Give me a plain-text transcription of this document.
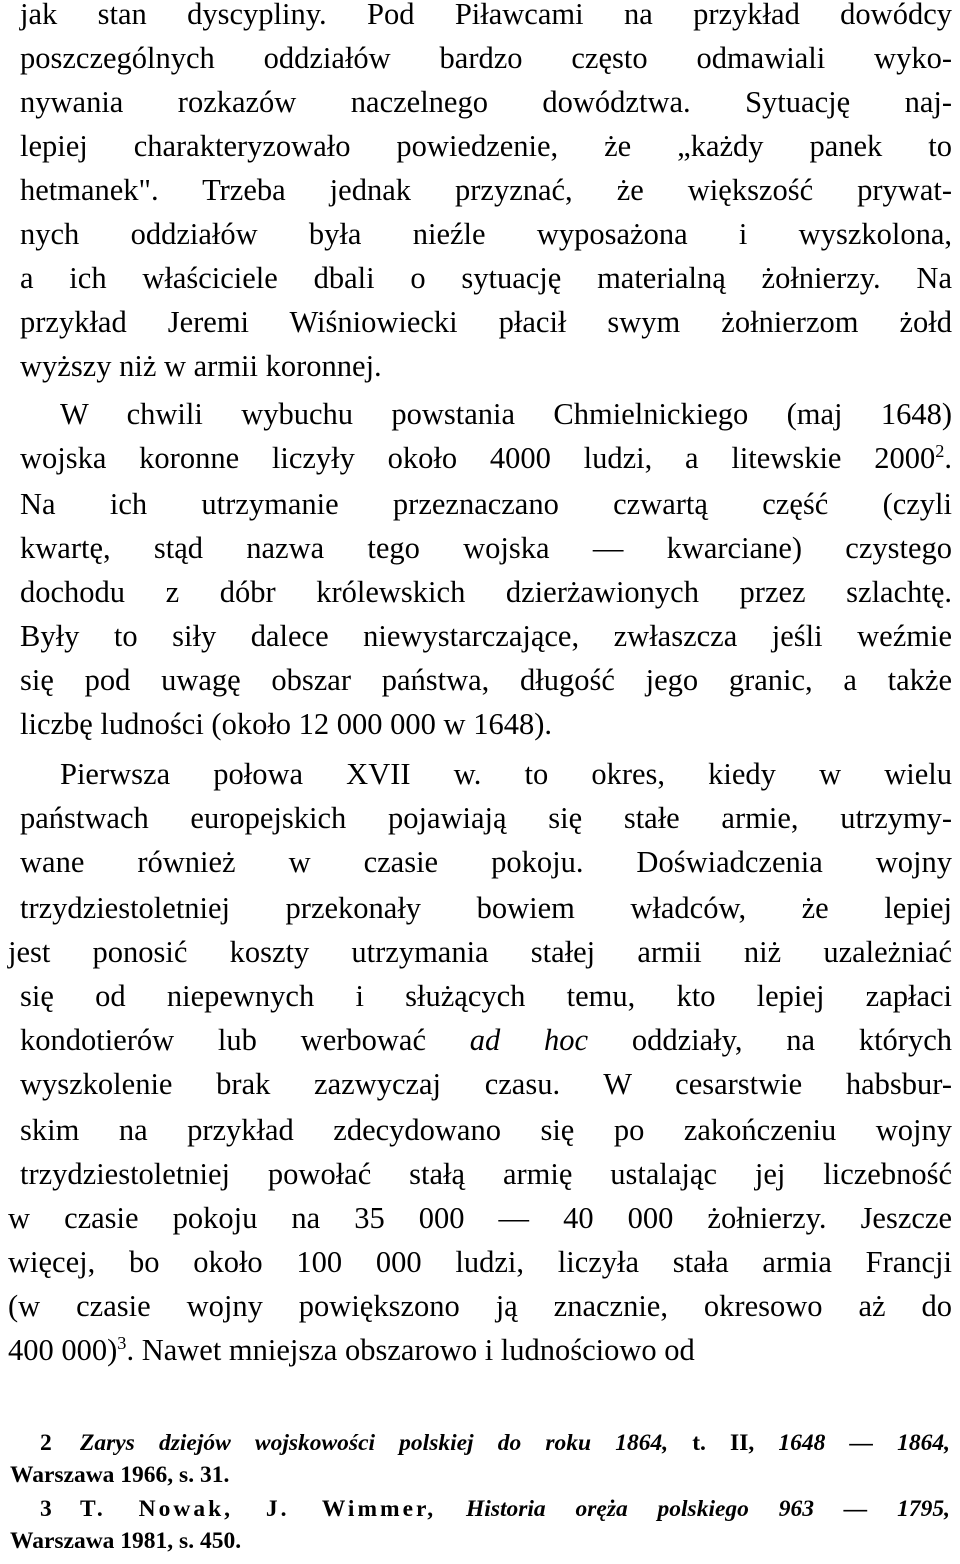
jak stan dyscypliny. Pod Piławcami na przykład dowódcy
poszczególnych oddziałów bardzo często odmawiali wyko-
nywania rozkazów naczelnego dowództwa. Sytuację naj-
lepiej charakteryzowało powiedzenie, że „każdy panek to
hetmanek". Trzeba jednak przyznać, że większość prywat-
nych oddziałów była nieźle wyposażona i wyszkolona,
a ich właściciele dbali o sytuację materialną żołnierzy. Na
przykład Jeremi Wiśniowiecki płacił swym żołnierzom żołd
wyższy niż w armii koronnej.
W chwili wybuchu powstania Chmielnickiego (maj 1648)
wojska koronne liczyły około 4000 ludzi, a litewskie 2000$^2$.
Na ich utrzymanie przeznaczano czwartą część (czyli
kwartę, stąd nazwa tego wojska — kwarciane) czystego
dochodu z dóbr królewskich dzierżawionych przez szlachtę.
Były to siły dalece niewystarczające, zwłaszcza jeśli weźmie
się pod uwagę obszar państwa, długość jego granic, a także
liczbę ludności (około 12 000 000 w 1648).
Pierwsza połowa XVII w. to okres, kiedy w wielu
państwach europejskich pojawiają się stałe armie, utrzymy-
wane również w czasie pokoju. Doświadczenia wojny
trzydziestoletniej przekonały bowiem władców, że lepiej
jest ponosić koszty utrzymania stałej armii niż uzależniać
się od niepewnych i służących temu, kto lepiej zapłaci
kondotierów lub werbować ad hoc oddziały, na których
wyszkolenie brak zazwyczaj czasu. W cesarstwie habsbur-
skim na przykład zdecydowano się po zakończeniu wojny
trzydziestoletniej powołać stałą armię ustalając jej liczebność
w czasie pokoju na 35 000 — 40 000 żołnierzy. Jeszcze
więcej, bo około 100 000 ludzi, liczyła stała armia Francji
(w czasie wojny powiększono ją znacznie, okresowo aż do
400 000)$^3$. Nawet mniejsza obszarowo i ludnościowo od
2 Zarys dziejów wojskowości polskiej do roku 1864, t. II, 1648 — 1864,
Warszawa 1966, s. 31.
3 T. Nowak, J. Wimmer, Historia oręża polskiego 963 — 1795,
Warszawa 1981, s. 450.
